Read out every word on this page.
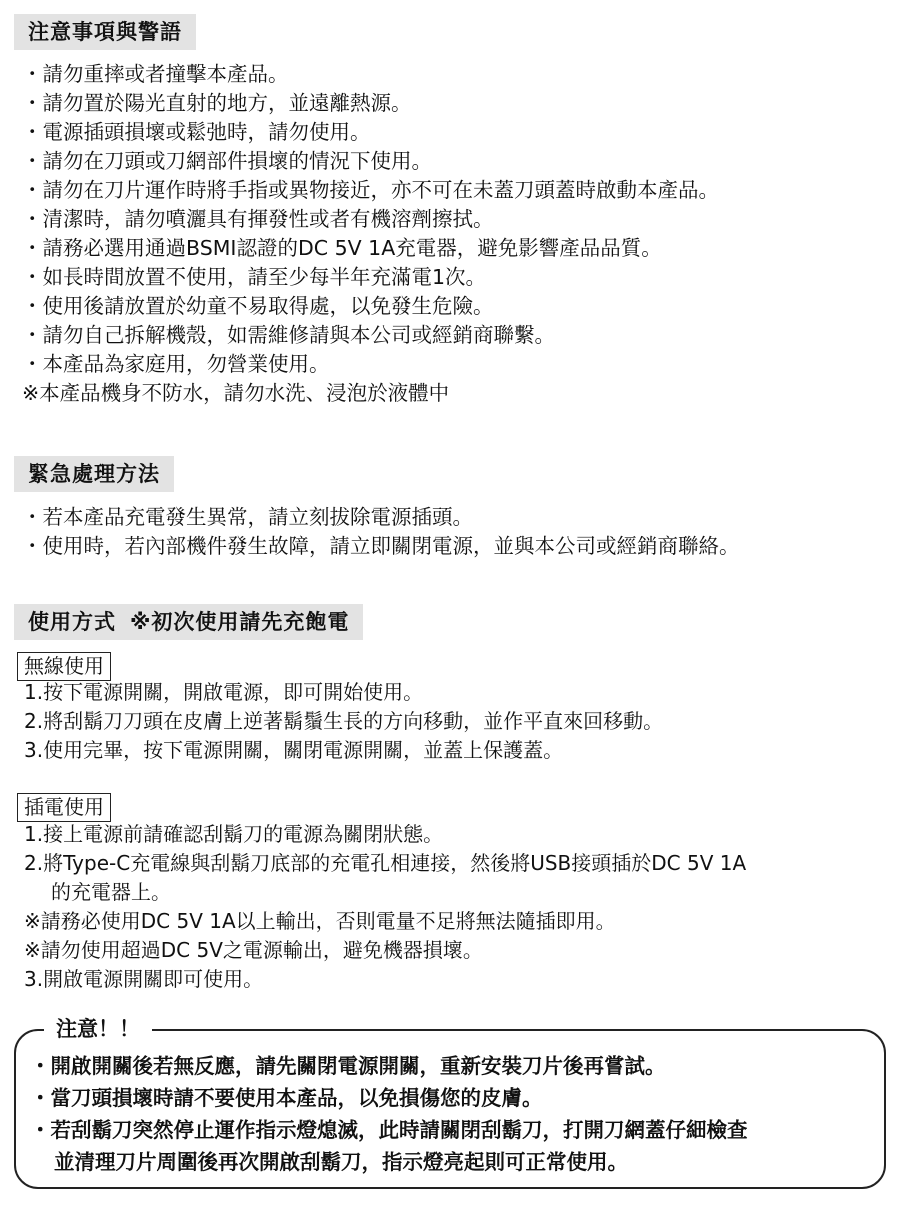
注意事項與警語
・請勿重摔或者撞擊本產品。
・請勿置於陽光直射的地方，並遠離熱源。
・電源插頭損壞或鬆弛時，請勿使用。
・請勿在刀頭或刀網部件損壞的情況下使用。
・請勿在刀片運作時將手指或異物接近，亦不可在未蓋刀頭蓋時啟動本產品。
・清潔時，請勿噴灑具有揮發性或者有機溶劑擦拭。
・請務必選用通過BSMI認證的DC 5V 1A充電器，避免影響產品品質。
・如長時間放置不使用，請至少每半年充滿電1次。
・使用後請放置於幼童不易取得處，以免發生危險。
・請勿自己拆解機殼，如需維修請與本公司或經銷商聯繫。
・本產品為家庭用，勿營業使用。
※本產品機身不防水，請勿水洗、浸泡於液體中
緊急處理方法
・若本產品充電發生異常，請立刻拔除電源插頭。
・使用時，若內部機件發生故障，請立即關閉電源，並與本公司或經銷商聯絡。
使用方式 ※初次使用請先充飽電
無線使用
1.按下電源開關，開啟電源，即可開始使用。
2.將刮鬍刀刀頭在皮膚上逆著鬍鬚生長的方向移動，並作平直來回移動。
3.使用完畢，按下電源開關，關閉電源開關，並蓋上保護蓋。
插電使用
1.接上電源前請確認刮鬍刀的電源為關閉狀態。
2.將Type-C充電線與刮鬍刀底部的充電孔相連接，然後將USB接頭插於DC 5V 1A
的充電器上。
※請務必使用DC 5V 1A以上輸出，否則電量不足將無法隨插即用。
※請勿使用超過DC 5V之電源輸出，避免機器損壞。
3.開啟電源開關即可使用。
注意！！
・開啟開關後若無反應，請先關閉電源開關，重新安裝刀片後再嘗試。
・當刀頭損壞時請不要使用本產品，以免損傷您的皮膚。
・若刮鬍刀突然停止運作指示燈熄滅，此時請關閉刮鬍刀，打開刀網蓋仔細檢查
並清理刀片周圍後再次開啟刮鬍刀，指示燈亮起則可正常使用。
